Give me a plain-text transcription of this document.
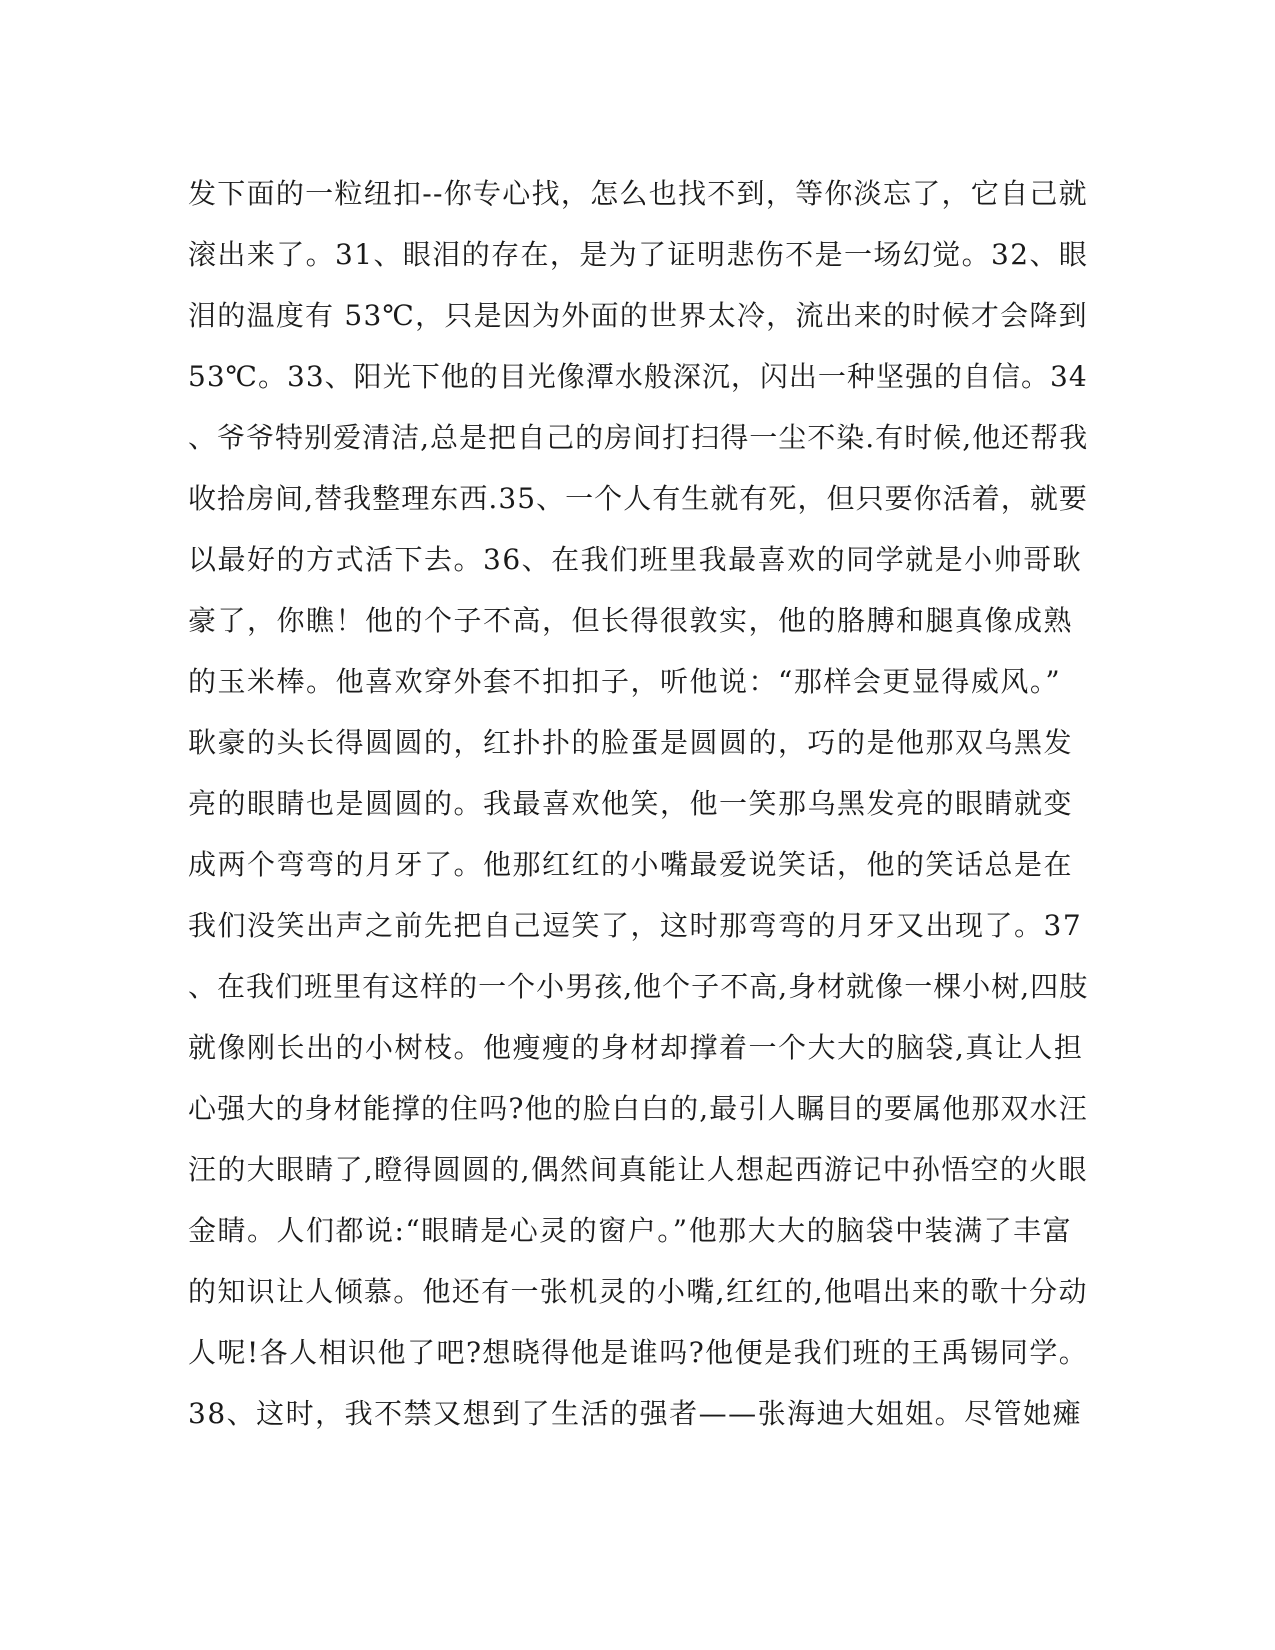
发下面的一粒纽扣--你专心找，怎么也找不到，等你淡忘了，它自己就
滚出来了。31、眼泪的存在，是为了证明悲伤不是一场幻觉。32、眼
泪的温度有 53℃，只是因为外面的世界太冷，流出来的时候才会降到
53℃。33、阳光下他的目光像潭水般深沉，闪出一种坚强的自信。34
、爷爷特别爱清洁,总是把自己的房间打扫得一尘不染.有时候,他还帮我
收拾房间,替我整理东西.35、一个人有生就有死，但只要你活着，就要
以最好的方式活下去。36、在我们班里我最喜欢的同学就是小帅哥耿
豪了，你瞧！他的个子不高，但长得很敦实，他的胳膊和腿真像成熟
的玉米棒。他喜欢穿外套不扣扣子，听他说：“那样会更显得威风。”
耿豪的头长得圆圆的，红扑扑的脸蛋是圆圆的，巧的是他那双乌黑发
亮的眼睛也是圆圆的。我最喜欢他笑，他一笑那乌黑发亮的眼睛就变
成两个弯弯的月牙了。他那红红的小嘴最爱说笑话，他的笑话总是在
我们没笑出声之前先把自己逗笑了，这时那弯弯的月牙又出现了。37
、在我们班里有这样的一个小男孩,他个子不高,身材就像一棵小树,四肢
就像刚长出的小树枝。他瘦瘦的身材却撑着一个大大的脑袋,真让人担
心强大的身材能撑的住吗?他的脸白白的,最引人瞩目的要属他那双水汪
汪的大眼睛了,瞪得圆圆的,偶然间真能让人想起西游记中孙悟空的火眼
金睛。人们都说:“眼睛是心灵的窗户。”他那大大的脑袋中装满了丰富
的知识让人倾慕。他还有一张机灵的小嘴,红红的,他唱出来的歌十分动
人呢!各人相识他了吧?想晓得他是谁吗?他便是我们班的王禹锡同学。
38、这时，我不禁又想到了生活的强者——张海迪大姐姐。尽管她瘫
